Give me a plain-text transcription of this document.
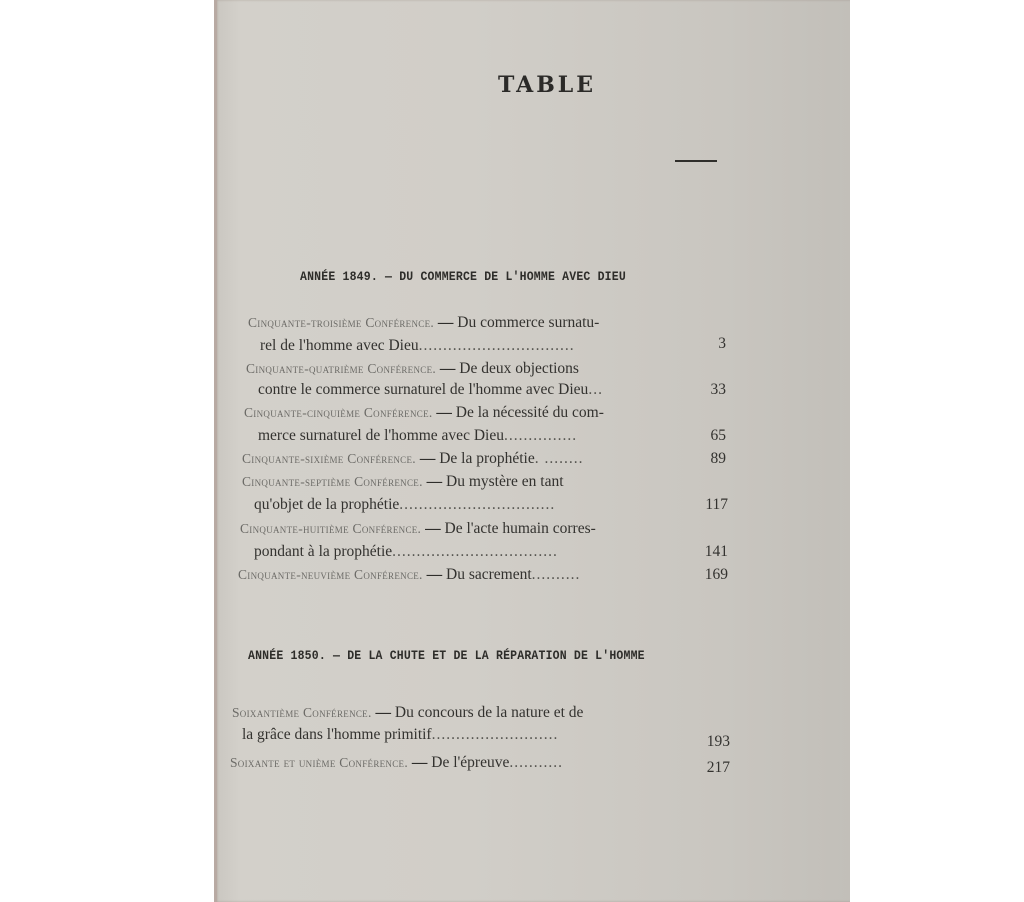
TABLE
ANNÉE 1849. — DU COMMERCE DE L'HOMME AVEC DIEU
Cinquante-troisième Conférence. — Du commerce surnatu-
rel de l'homme avec Dieu................................	3
Cinquante-quatrième Conférence. — De deux objections
contre le commerce surnaturel de l'homme avec Dieu...	33
Cinquante-cinquième Conférence. — De la nécessité du com-
merce surnaturel de l'homme avec Dieu...............	65
Cinquante-sixième Conférence. — De la prophétie. ........	89
Cinquante-septième Conférence. — Du mystère en tant
qu'objet de la prophétie................................	117
Cinquante-huitième Conférence. — De l'acte humain corres-
pondant à la prophétie..................................	141
Cinquante-neuvième Conférence. — Du sacrement..........	169
ANNÉE 1850. — DE LA CHUTE ET DE LA RÉPARATION DE L'HOMME
Soixantième Conférence. — Du concours de la nature et de
la grâce dans l'homme primitif..........................	193
Soixante et unième Conférence. — De l'épreuve...........	217
